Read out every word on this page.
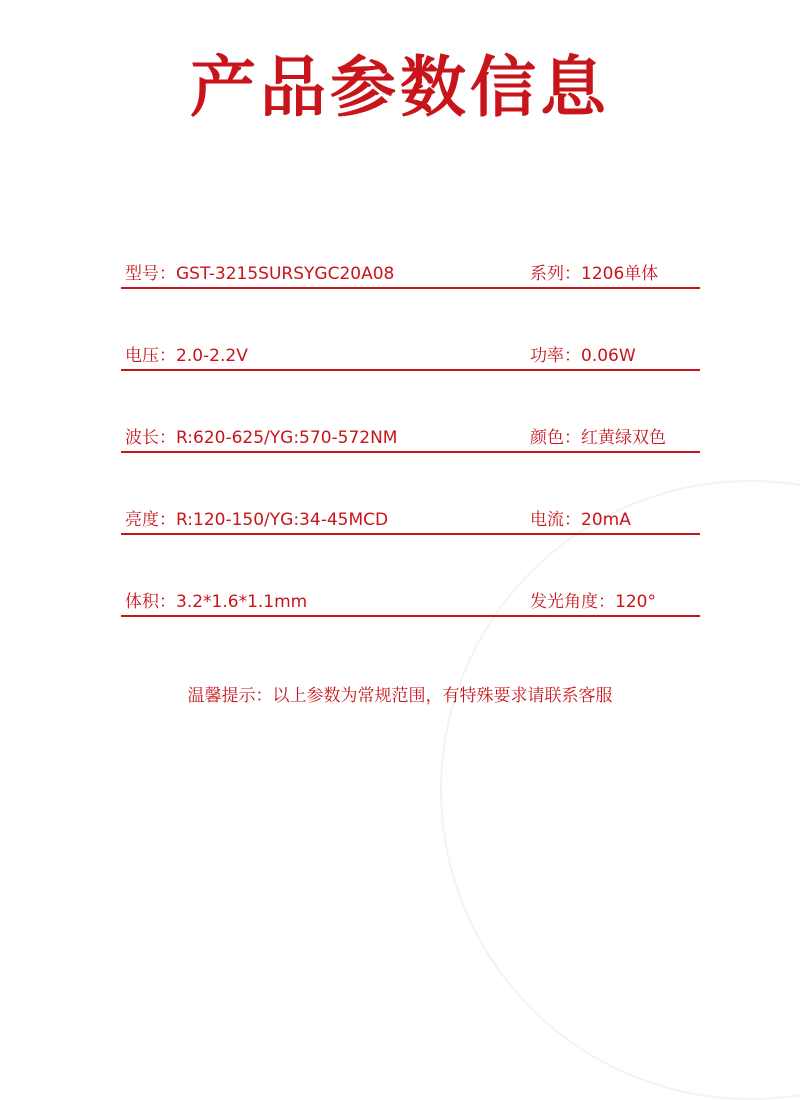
产品参数信息
型号：GST-3215SURSYGC20A08	系列：1206单体
电压：2.0-2.2V	功率：0.06W
波长：R:620-625/YG:570-572NM	颜色：红黄绿双色
亮度：R:120-150/YG:34-45MCD	电流：20mA
体积：3.2*1.6*1.1mm	发光角度：120°
温馨提示：以上参数为常规范围，有特殊要求请联系客服
